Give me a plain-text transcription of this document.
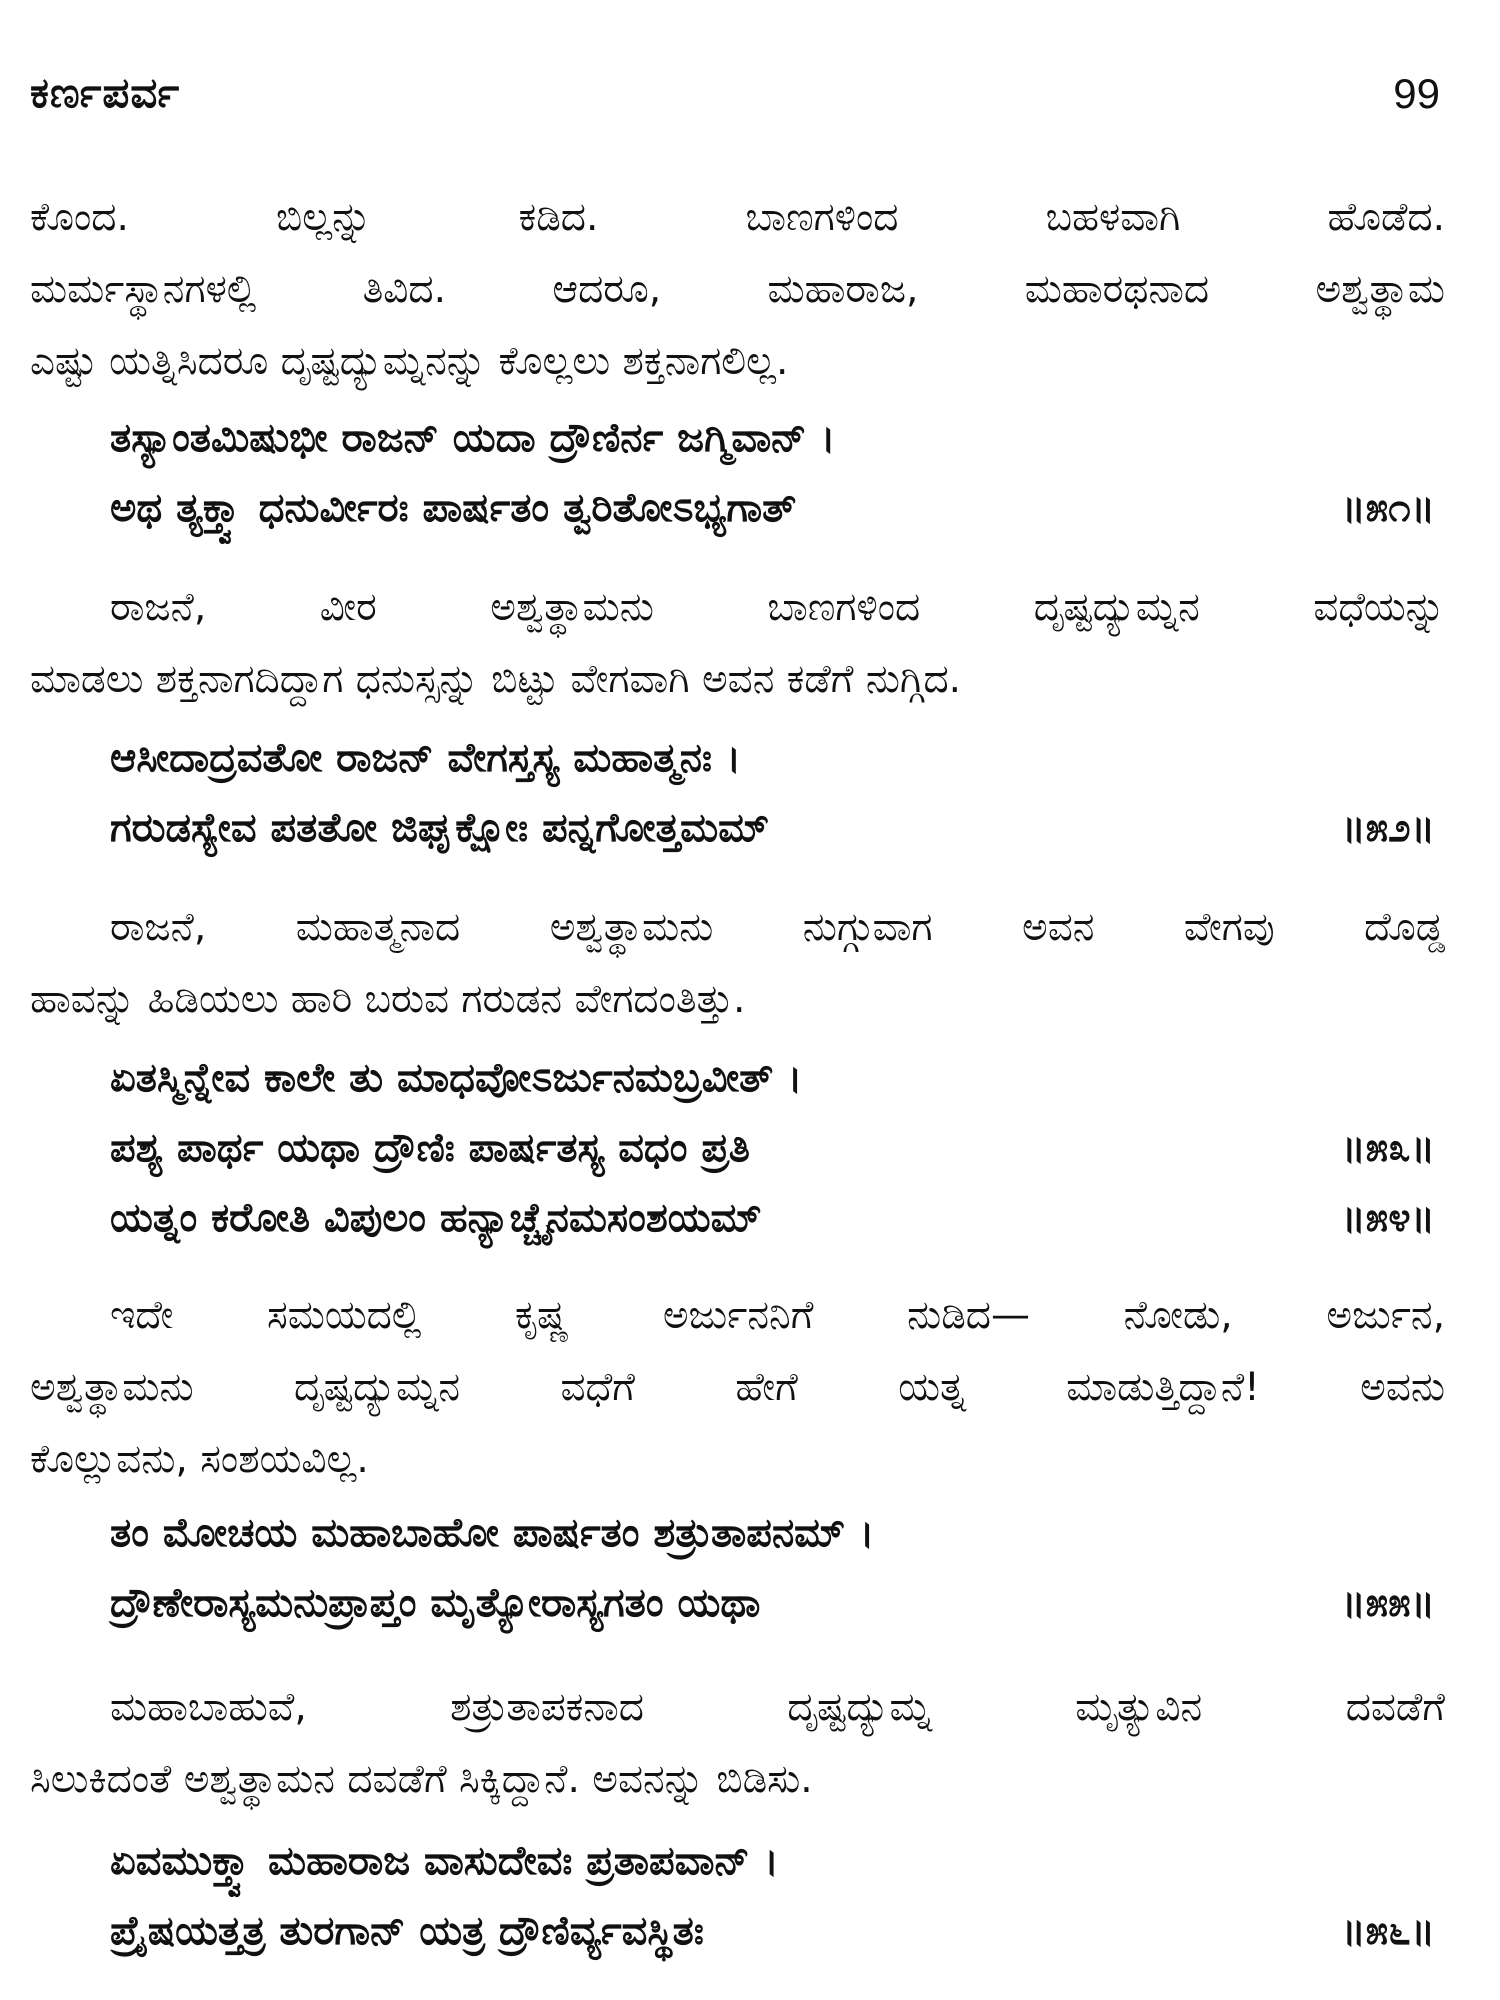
ಕರ್ಣಪರ್ವ	99
ಕೊಂದ. ಬಿಲ್ಲನ್ನು ಕಡಿದ. ಬಾಣಗಳಿಂದ ಬಹಳವಾಗಿ ಹೊಡೆದ.
ಮರ್ಮಸ್ಥಾನಗಳಲ್ಲಿ ತಿವಿದ. ಆದರೂ, ಮಹಾರಾಜ, ಮಹಾರಥನಾದ ಅಶ್ವತ್ಥಾಮ
ಎಷ್ಟು ಯತ್ನಿಸಿದರೂ ದೃಷ್ಟದ್ಯುಮ್ನನನ್ನು ಕೊಲ್ಲಲು ಶಕ್ತನಾಗಲಿಲ್ಲ.
ತಸ್ಯಾಂತಮಿಷುಭೀ ರಾಜನ್ ಯದಾ ದ್ರೌಣಿರ್ನ ಜಗ್ಮಿವಾನ್ ।
ಅಥ ತ್ಯಕ್ತ್ವಾ ಧನುರ್ವೀರಃ ಪಾರ್ಷತಂ ತ್ವರಿತೋಽಭ್ಯಗಾತ್	॥೫೧॥
ರಾಜನೆ, ವೀರ ಅಶ್ವತ್ಥಾಮನು ಬಾಣಗಳಿಂದ ದೃಷ್ಟದ್ಯುಮ್ನನ ವಧೆಯನ್ನು
ಮಾಡಲು ಶಕ್ತನಾಗದಿದ್ದಾಗ ಧನುಸ್ಸನ್ನು ಬಿಟ್ಟು ವೇಗವಾಗಿ ಅವನ ಕಡೆಗೆ ನುಗ್ಗಿದ.
ಆಸೀದಾದ್ರವತೋ ರಾಜನ್ ವೇಗಸ್ತಸ್ಯ ಮಹಾತ್ಮನಃ ।
ಗರುಡಸ್ಯೇವ ಪತತೋ ಜಿಘೃಕ್ಷೋಃ ಪನ್ನಗೋತ್ತಮಮ್	॥೫೨॥
ರಾಜನೆ, ಮಹಾತ್ಮನಾದ ಅಶ್ವತ್ಥಾಮನು ನುಗ್ಗುವಾಗ ಅವನ ವೇಗವು ದೊಡ್ಡ
ಹಾವನ್ನು ಹಿಡಿಯಲು ಹಾರಿ ಬರುವ ಗರುಡನ ವೇಗದಂತಿತ್ತು.
ಏತಸ್ಮಿನ್ನೇವ ಕಾಲೇ ತು ಮಾಧವೋಽರ್ಜುನಮಬ್ರವೀತ್ ।
ಪಶ್ಯ ಪಾರ್ಥ ಯಥಾ ದ್ರೌಣಿಃ ಪಾರ್ಷತಸ್ಯ ವಧಂ ಪ್ರತಿ	॥೫೩॥
ಯತ್ನಂ ಕರೋತಿ ವಿಪುಲಂ ಹನ್ಯಾಚ್ಚೈನಮಸಂಶಯಮ್	॥೫೪॥
ಇದೇ ಸಮಯದಲ್ಲಿ ಕೃಷ್ಣ ಅರ್ಜುನನಿಗೆ ನುಡಿದ— ನೋಡು, ಅರ್ಜುನ,
ಅಶ್ವತ್ಥಾಮನು ದೃಷ್ಟದ್ಯುಮ್ನನ ವಧೆಗೆ ಹೇಗೆ ಯತ್ನ ಮಾಡುತ್ತಿದ್ದಾನೆ! ಅವನು
ಕೊಲ್ಲುವನು, ಸಂಶಯವಿಲ್ಲ.
ತಂ ಮೋಚಯ ಮಹಾಬಾಹೋ ಪಾರ್ಷತಂ ಶತ್ರುತಾಪನಮ್ ।
ದ್ರೌಣೇರಾಸ್ಯಮನುಪ್ರಾಪ್ತಂ ಮೃತ್ಯೋರಾಸ್ಯಗತಂ ಯಥಾ	॥೫೫॥
ಮಹಾಬಾಹುವೆ, ಶತ್ರುತಾಪಕನಾದ ದೃಷ್ಟದ್ಯುಮ್ನ ಮೃತ್ಯುವಿನ ದವಡೆಗೆ
ಸಿಲುಕಿದಂತೆ ಅಶ್ವತ್ಥಾಮನ ದವಡೆಗೆ ಸಿಕ್ಕಿದ್ದಾನೆ. ಅವನನ್ನು ಬಿಡಿಸು.
ಏವಮುಕ್ತ್ವಾ ಮಹಾರಾಜ ವಾಸುದೇವಃ ಪ್ರತಾಪವಾನ್ ।
ಪ್ರೈಷಯತ್ತತ್ರ ತುರಗಾನ್ ಯತ್ರ ದ್ರೌಣಿರ್ವ್ಯವಸ್ಥಿತಃ	॥೫೬॥
